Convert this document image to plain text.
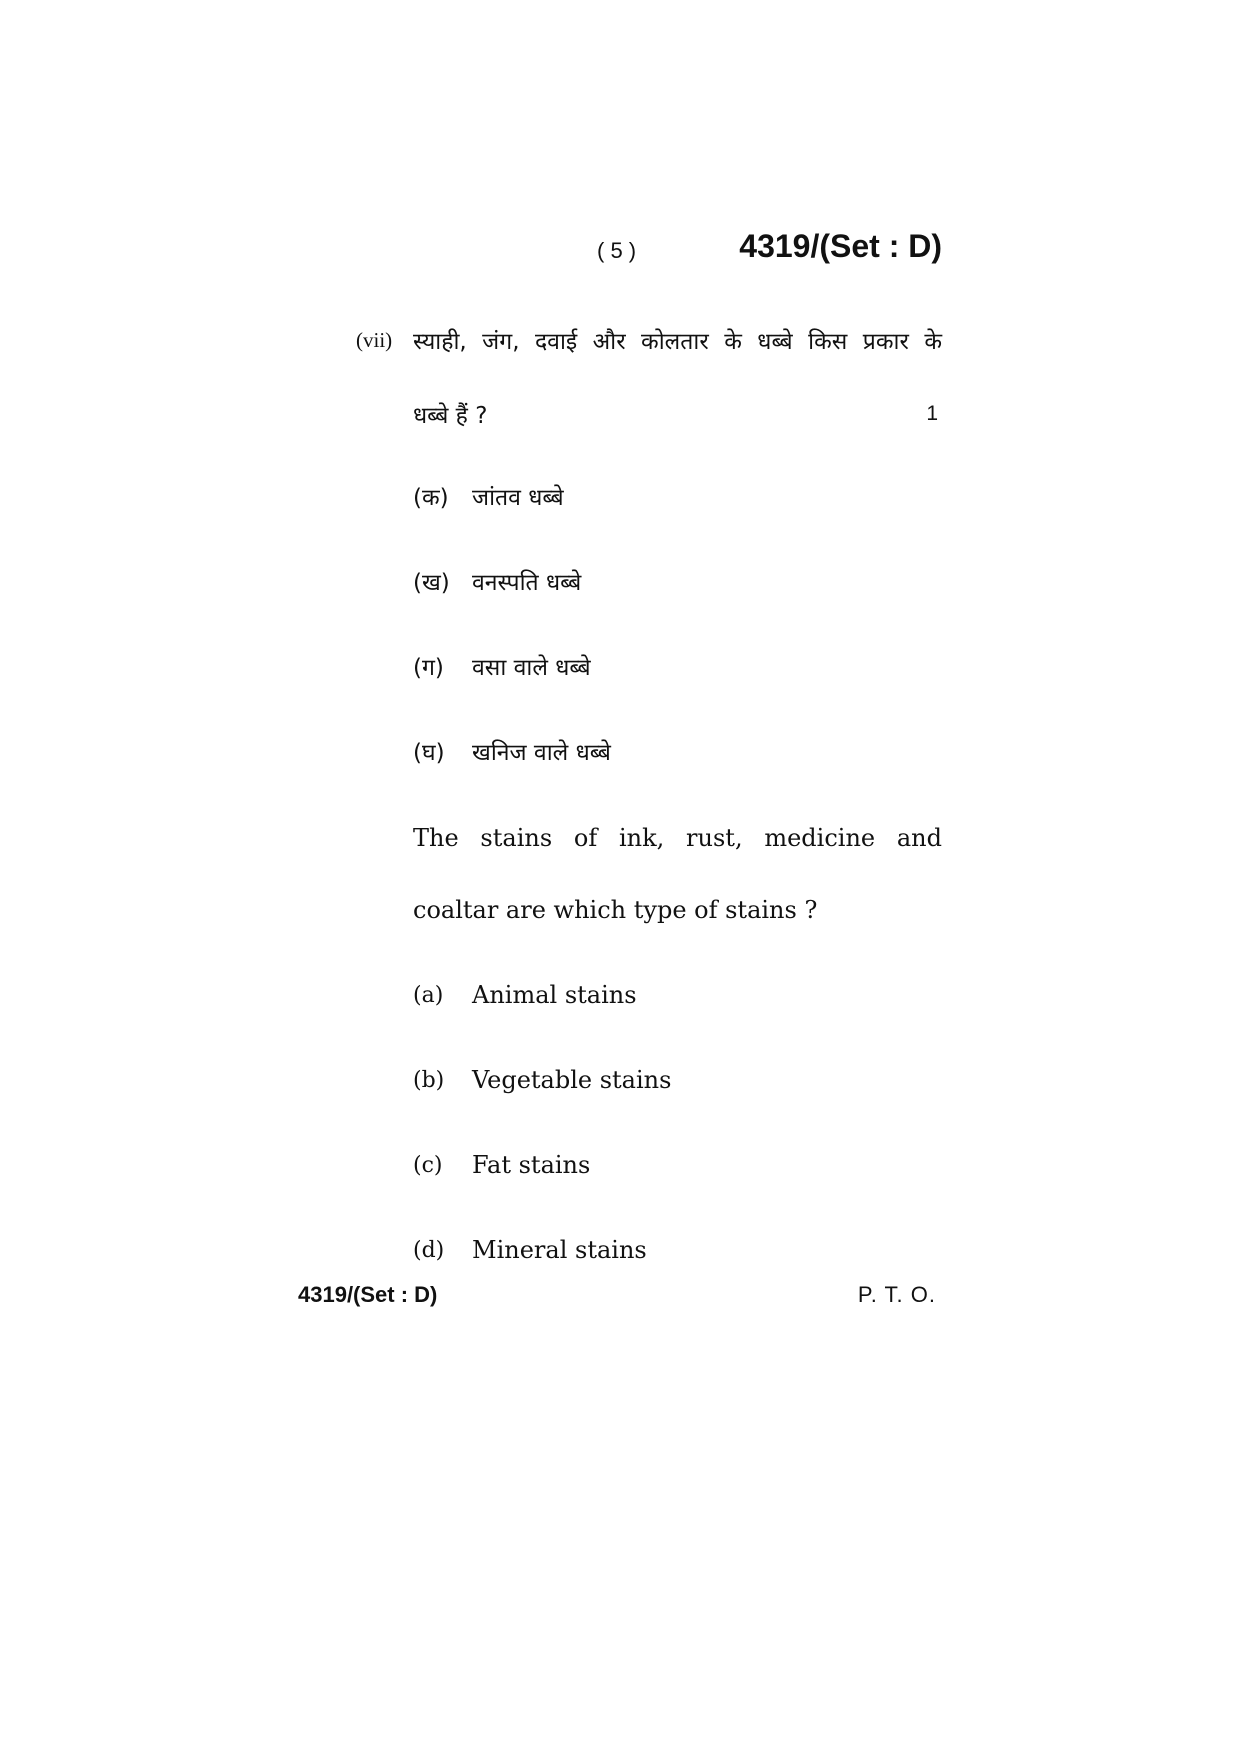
( 5 )	4319/(Set : D)
(vii) स्याही, जंग, दवाई और कोलतार के धब्बे किस प्रकार के
धब्बे हैं ?	1
(क) जांतव धब्बे
(ख) वनस्पति धब्बे
(ग) वसा वाले धब्बे
(घ) खनिज वाले धब्बे
The stains of ink, rust, medicine and
coaltar are which type of stains ?
(a) Animal stains
(b) Vegetable stains
(c) Fat stains
(d) Mineral stains
4319/(Set : D)	P. T. O.
